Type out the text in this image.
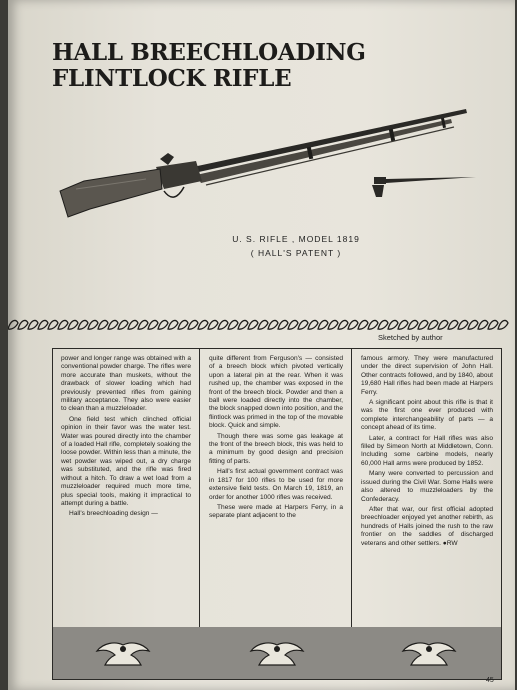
HALL BREECHLOADING
FLINTLOCK RIFLE
U. S. RIFLE , MODEL 1819
( HALL'S PATENT )
Sketched by author

power and longer range was obtained with a conventional powder charge. The rifles were more accurate than muskets, without the drawback of slower loading which had previously prevented rifles from gaining military acceptance. They also were easier to clean than a muzzleloader.

One field test which clinched official opinion in their favor was the water test. Water was poured directly into the chamber of a loaded Hall rifle, completely soaking the loose powder. Within less than a minute, the wet powder was wiped out, a dry charge was substituted, and the rifle was fired without a hitch. To draw a wet load from a muzzleloader required much more time, plus special tools, making it impractical to attempt during a battle.

Hall's breechloading design —

quite different from Ferguson's — consisted of a breech block which pivoted vertically upon a lateral pin at the rear. When it was rushed up, the chamber was exposed in the front of the breech block. Powder and then a ball were loaded directly into the chamber, the block snapped down into position, and the flintlock was primed in the top of the movable block. Quick and simple.

Though there was some gas leakage at the front of the breech block, this was held to a minimum by good design and precision fitting of parts.

Hall's first actual government contract was in 1817 for 100 rifles to be used for more extensive field tests. On March 19, 1819, an order for another 1000 rifles was received.

These were made at Harpers Ferry, in a separate plant adjacent to the

famous armory. They were manufactured under the direct supervision of John Hall. Other contracts followed, and by 1840, about 19,680 Hall rifles had been made at Harpers Ferry.

A significant point about this rifle is that it was the first one ever produced with complete interchangeability of parts — a concept ahead of its time.

Later, a contract for Hall rifles was also filled by Simeon North at Middletown, Conn. Including some carbine models, nearly 60,000 Hall arms were produced by 1852.

Many were converted to percussion and issued during the Civil War. Some Halls were also altered to muzzleloaders by the Confederacy.

After that war, our first official adopted breechloader enjoyed yet another rebirth, as hundreds of Halls joined the rush to the raw frontier on the saddles of discharged veterans and other settlers. ●RW

45
